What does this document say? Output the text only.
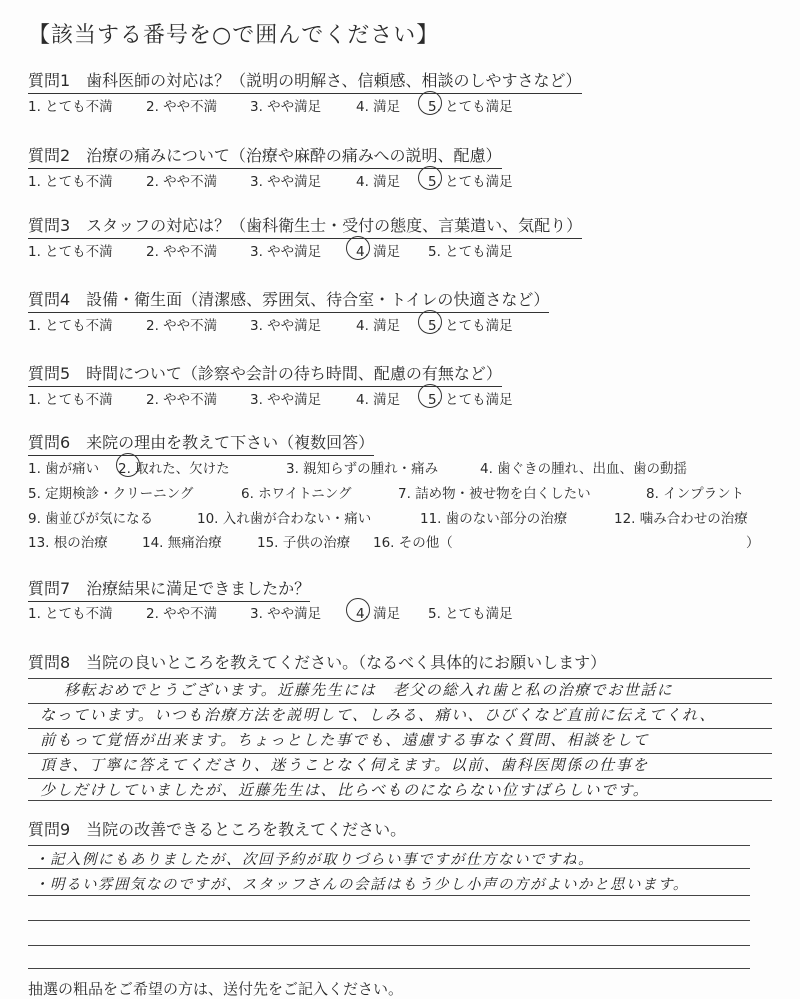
【該当する番号を○で囲んでください】
質問1　歯科医師の対応は？（説明の明解さ、信頼感、相談のしやすさなど）
1. とても不満 2. やや不満 3. やや満足	4. 満足 5. とても満足
質問2　治療の痛みについて（治療や麻酔の痛みへの説明、配慮）
1. とても不満 2. やや不満 3. やや満足	4. 満足 5. とても満足
質問3　スタッフの対応は？（歯科衛生士・受付の態度、言葉遣い、気配り）
1. とても不満 2. やや不満 3. やや満足	4. 満足 5. とても満足
質問4　設備・衛生面（清潔感、雰囲気、待合室・トイレの快適さなど）
1. とても不満 2. やや不満 3. やや満足	4. 満足 5. とても満足
質問5　時間について（診察や会計の待ち時間、配慮の有無など）
1. とても不満 2. やや不満 3. やや満足	4. 満足 5. とても満足
質問6　来院の理由を教えて下さい（複数回答）
1. 歯が痛い 2. 取れた、欠けた	3. 親知らずの腫れ・痛み	4. 歯ぐきの腫れ、出血、歯の動揺
5. 定期検診・クリーニング	6. ホワイトニング	7. 詰め物・被せ物を白くしたい	8. インプラント
9. 歯並びが気になる	10. 入れ歯が合わない・痛い	11. 歯のない部分の治療	12. 噛み合わせの治療
13. 根の治療	14. 無痛治療	15. 子供の治療 16. その他（	）
質問7　治療結果に満足できましたか？
1. とても不満 2. やや不満 3. やや満足	4. 満足 5. とても満足
質問8　当院の良いところを教えてください。（なるべく具体的にお願いします）
移転おめでとうございます。近藤先生には　老父の総入れ歯と私の治療でお世話に
なっています。いつも治療方法を説明して、しみる、痛い、ひびくなど直前に伝えてくれ、
前もって覚悟が出来ます。ちょっとした事でも、遠慮する事なく質問、相談をして
頂き、丁寧に答えてくださり、迷うことなく伺えます。以前、歯科医関係の仕事を
少しだけしていましたが、近藤先生は、比らべものにならない位すばらしいです。
質問9　当院の改善できるところを教えてください。
・記入例にもありましたが、次回予約が取りづらい事ですが仕方ないですね。
・明るい雰囲気なのですが、スタッフさんの会話はもう少し小声の方がよいかと思います。
抽選の粗品をご希望の方は、送付先をご記入ください。
